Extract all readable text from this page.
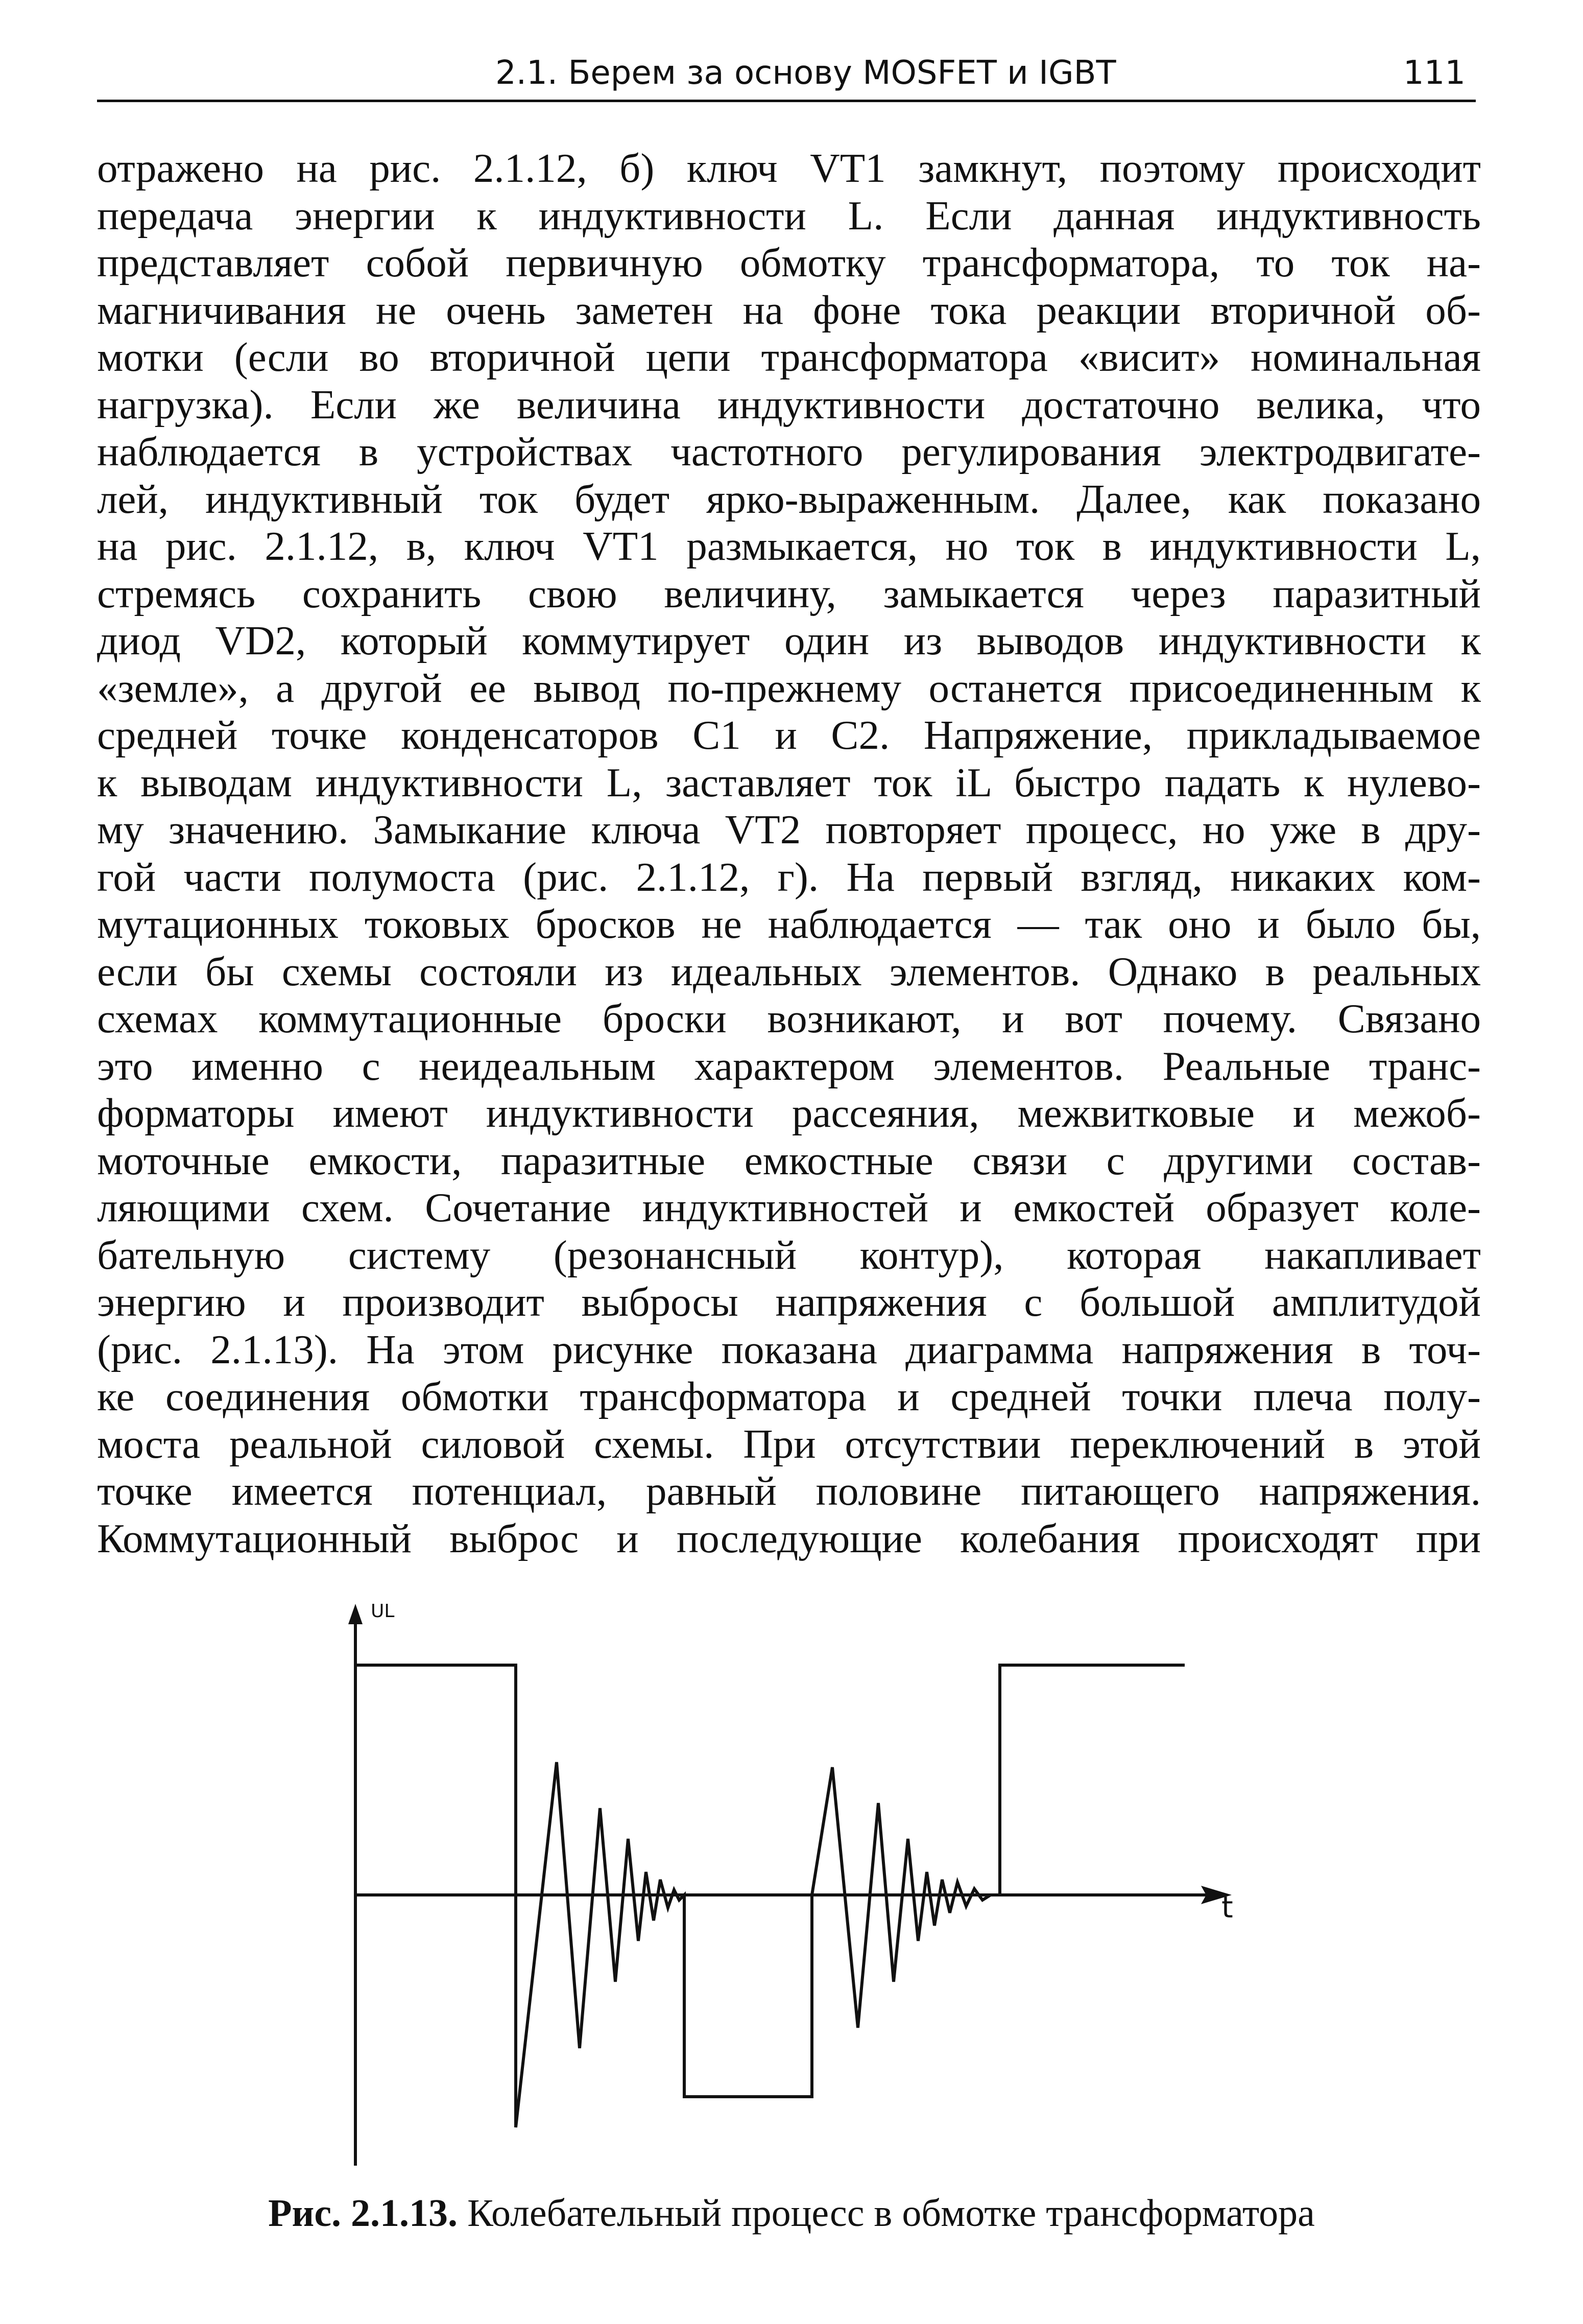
2.1. Берем за основу MOSFET и IGBT	111
отражено на рис. 2.1.12, б) ключ VT1 замкнут, поэтому происходит
передача энергии к индуктивности L. Если данная индуктивность
представляет собой первичную обмотку трансформатора, то ток на-
магничивания не очень заметен на фоне тока реакции вторичной об-
мотки (если во вторичной цепи трансформатора «висит» номинальная
нагрузка). Если же величина индуктивности достаточно велика, что
наблюдается в устройствах частотного регулирования электродвигате-
лей, индуктивный ток будет ярко-выраженным. Далее, как показано
на рис. 2.1.12, в, ключ VT1 размыкается, но ток в индуктивности L,
стремясь сохранить свою величину, замыкается через паразитный
диод VD2, который коммутирует один из выводов индуктивности к
«земле», а другой ее вывод по-прежнему останется присоединенным к
средней точке конденсаторов C1 и C2. Напряжение, прикладываемое
к выводам индуктивности L, заставляет ток iL быстро падать к нулево-
му значению. Замыкание ключа VT2 повторяет процесс, но уже в дру-
гой части полумоста (рис. 2.1.12, г). На первый взгляд, никаких ком-
мутационных токовых бросков не наблюдается — так оно и было бы,
если бы схемы состояли из идеальных элементов. Однако в реальных
схемах коммутационные броски возникают, и вот почему. Связано
это именно с неидеальным характером элементов. Реальные транс-
форматоры имеют индуктивности рассеяния, межвитковые и межоб-
моточные емкости, паразитные емкостные связи с другими состав-
ляющими схем. Сочетание индуктивностей и емкостей образует коле-
бательную систему (резонансный контур), которая накапливает
энергию и производит выбросы напряжения с большой амплитудой
(рис. 2.1.13). На этом рисунке показана диаграмма напряжения в точ-
ке соединения обмотки трансформатора и средней точки плеча полу-
моста реальной силовой схемы. При отсутствии переключений в этой
точке имеется потенциал, равный половине питающего напряжения.
Коммутационный выброс и последующие колебания происходят при
UL
t
Рис. 2.1.13. Колебательный процесс в обмотке трансформатора
